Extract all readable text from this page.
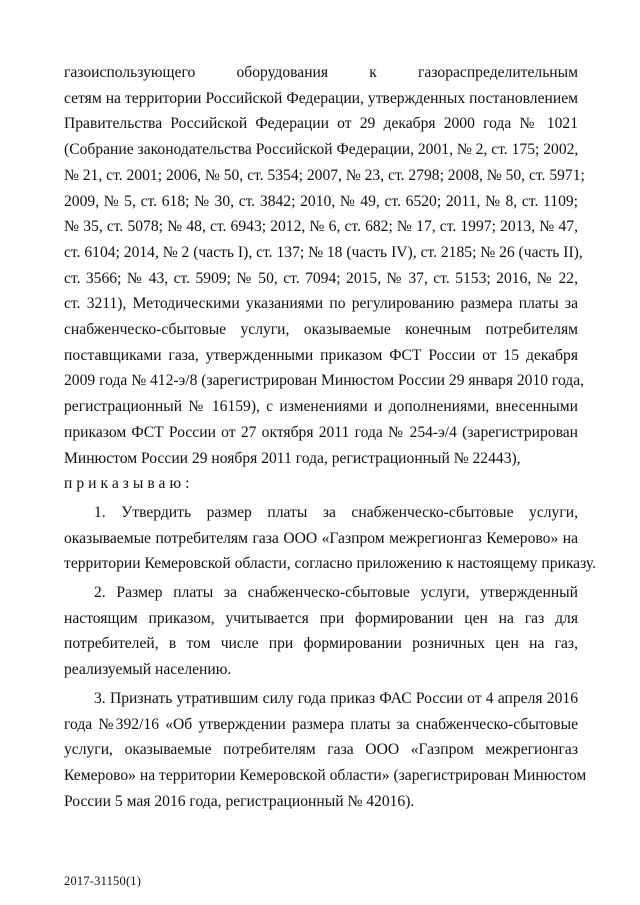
газоиспользующего оборудования к газораспределительным
сетям на территории Российской Федерации, утвержденных постановлением
Правительства Российской Федерации от 29 декабря 2000 года № 1021
(Собрание законодательства Российской Федерации, 2001, № 2, ст. 175; 2002,
№ 21, ст. 2001; 2006, № 50, ст. 5354; 2007, № 23, ст. 2798; 2008, № 50, ст. 5971;
2009, № 5, ст. 618; № 30, ст. 3842; 2010, № 49, ст. 6520; 2011, № 8, ст. 1109;
№ 35, ст. 5078; № 48, ст. 6943; 2012, № 6, ст. 682; № 17, ст. 1997; 2013, № 47,
ст. 6104; 2014, № 2 (часть I), ст. 137; № 18 (часть IV), ст. 2185; № 26 (часть II),
ст. 3566; № 43, ст. 5909; № 50, ст. 7094; 2015, № 37, ст. 5153; 2016, № 22,
ст. 3211), Методическими указаниями по регулированию размера платы за
снабженческо-сбытовые услуги, оказываемые конечным потребителям
поставщиками газа, утвержденными приказом ФСТ России от 15 декабря
2009 года № 412-э/8 (зарегистрирован Минюстом России 29 января 2010 года,
регистрационный № 16159), с изменениями и дополнениями, внесенными
приказом ФСТ России от 27 октября 2011 года № 254-э/4 (зарегистрирован
Минюстом России 29 ноября 2011 года, регистрационный № 22443),
приказываю:
1. Утвердить размер платы за снабженческо-сбытовые услуги,
оказываемые потребителям газа ООО «Газпром межрегионгаз Кемерово» на
территории Кемеровской области, согласно приложению к настоящему приказу.
2. Размер платы за снабженческо-сбытовые услуги, утвержденный
настоящим приказом, учитывается при формировании цен на газ для
потребителей, в том числе при формировании розничных цен на газ,
реализуемый населению.
3. Признать утратившим силу года приказ ФАС России от 4 апреля 2016
года №392/16 «Об утверждении размера платы за снабженческо-сбытовые
услуги, оказываемые потребителям газа ООО «Газпром межрегионгаз
Кемерово» на территории Кемеровской области» (зарегистрирован Минюстом
России 5 мая 2016 года, регистрационный № 42016).
2017-31150(1)
